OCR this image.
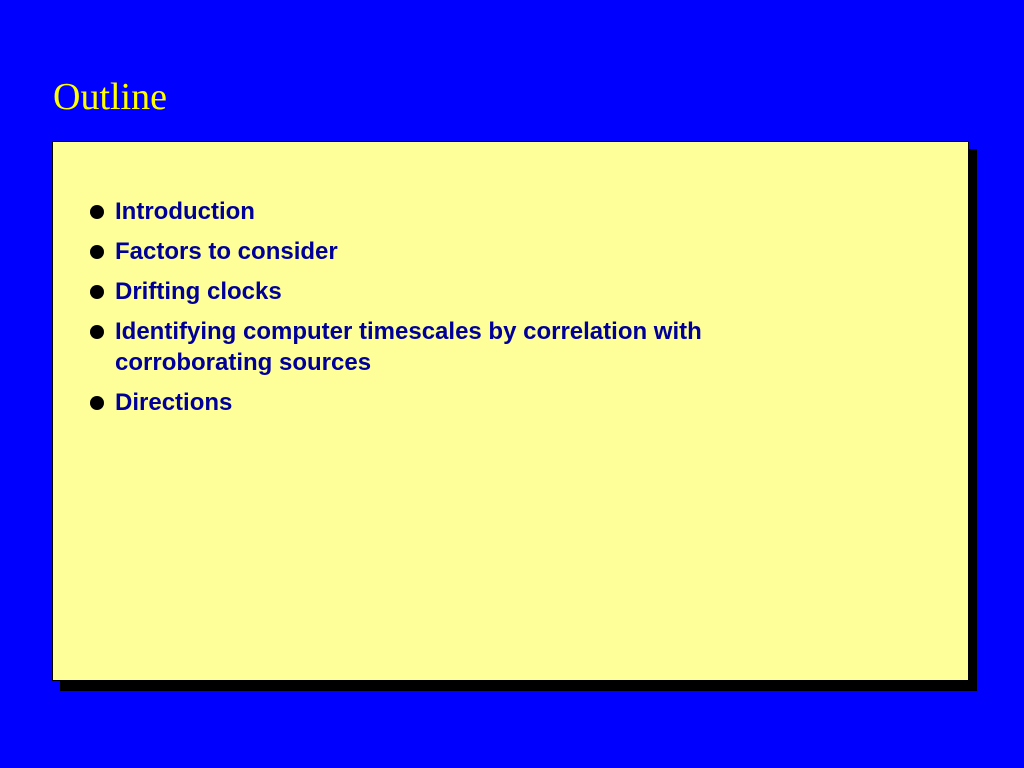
Outline
Introduction
Factors to consider
Drifting clocks
Identifying computer timescales by correlation with corroborating sources
Directions
